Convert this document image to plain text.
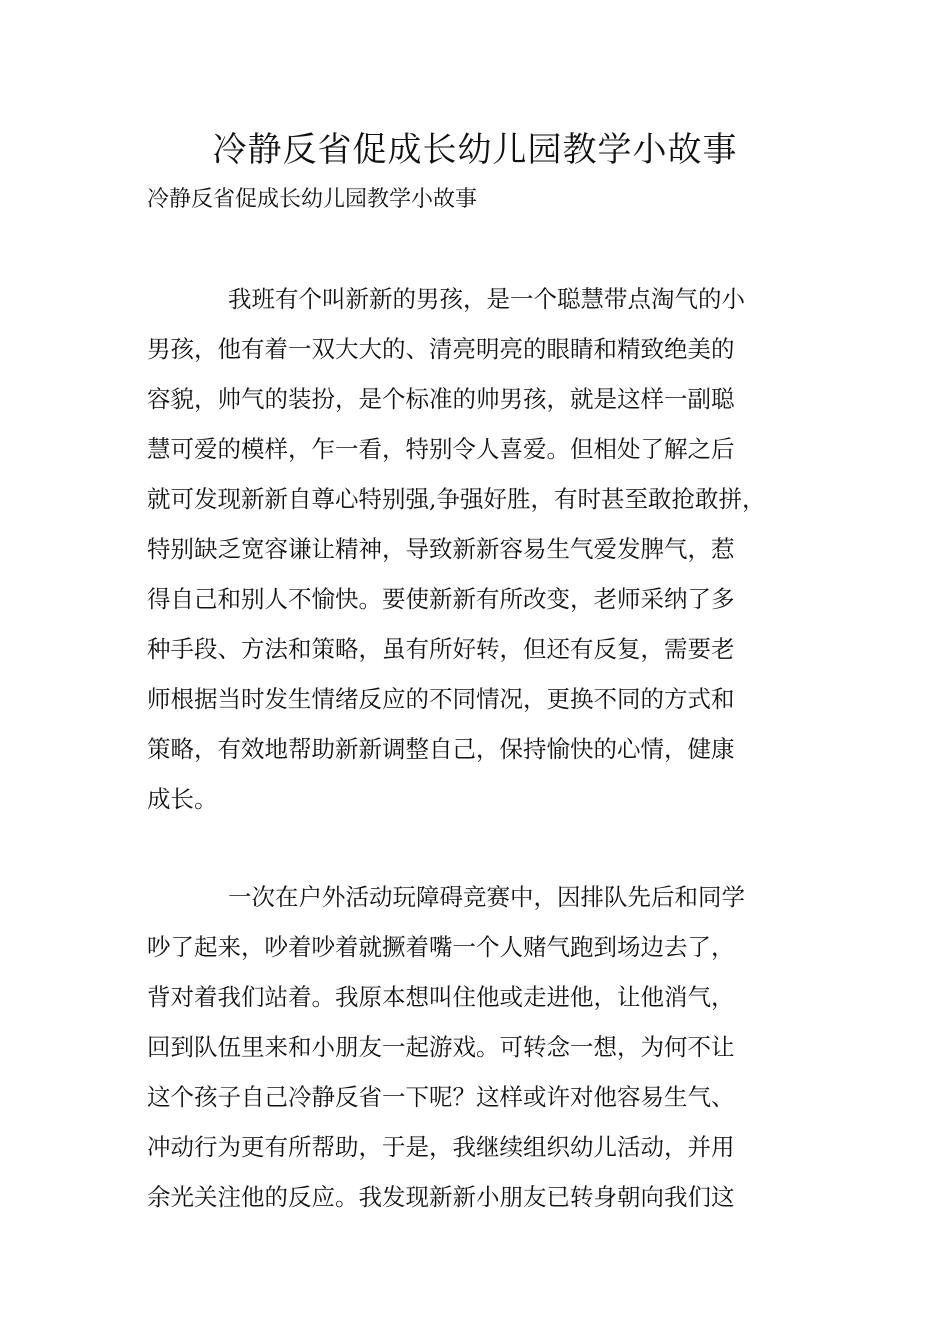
冷静反省促成长幼儿园教学小故事
冷静反省促成长幼儿园教学小故事
我班有个叫新新的男孩，是一个聪慧带点淘气的小
男孩，他有着一双大大的、清亮明亮的眼睛和精致绝美的
容貌，帅气的装扮，是个标准的帅男孩，就是这样一副聪
慧可爱的模样，乍一看，特别令人喜爱。但相处了解之后
就可发现新新自尊心特别强,争强好胜，有时甚至敢抢敢拼，
特别缺乏宽容谦让精神，导致新新容易生气爱发脾气，惹
得自己和别人不愉快。要使新新有所改变，老师采纳了多
种手段、方法和策略，虽有所好转，但还有反复，需要老
师根据当时发生情绪反应的不同情况，更换不同的方式和
策略，有效地帮助新新调整自己，保持愉快的心情，健康
成长。
一次在户外活动玩障碍竞赛中，因排队先后和同学
吵了起来，吵着吵着就撅着嘴一个人赌气跑到场边去了，
背对着我们站着。我原本想叫住他或走进他，让他消气，
回到队伍里来和小朋友一起游戏。可转念一想，为何不让
这个孩子自己冷静反省一下呢？这样或许对他容易生气、
冲动行为更有所帮助，于是，我继续组织幼儿活动，并用
余光关注他的反应。我发现新新小朋友已转身朝向我们这
